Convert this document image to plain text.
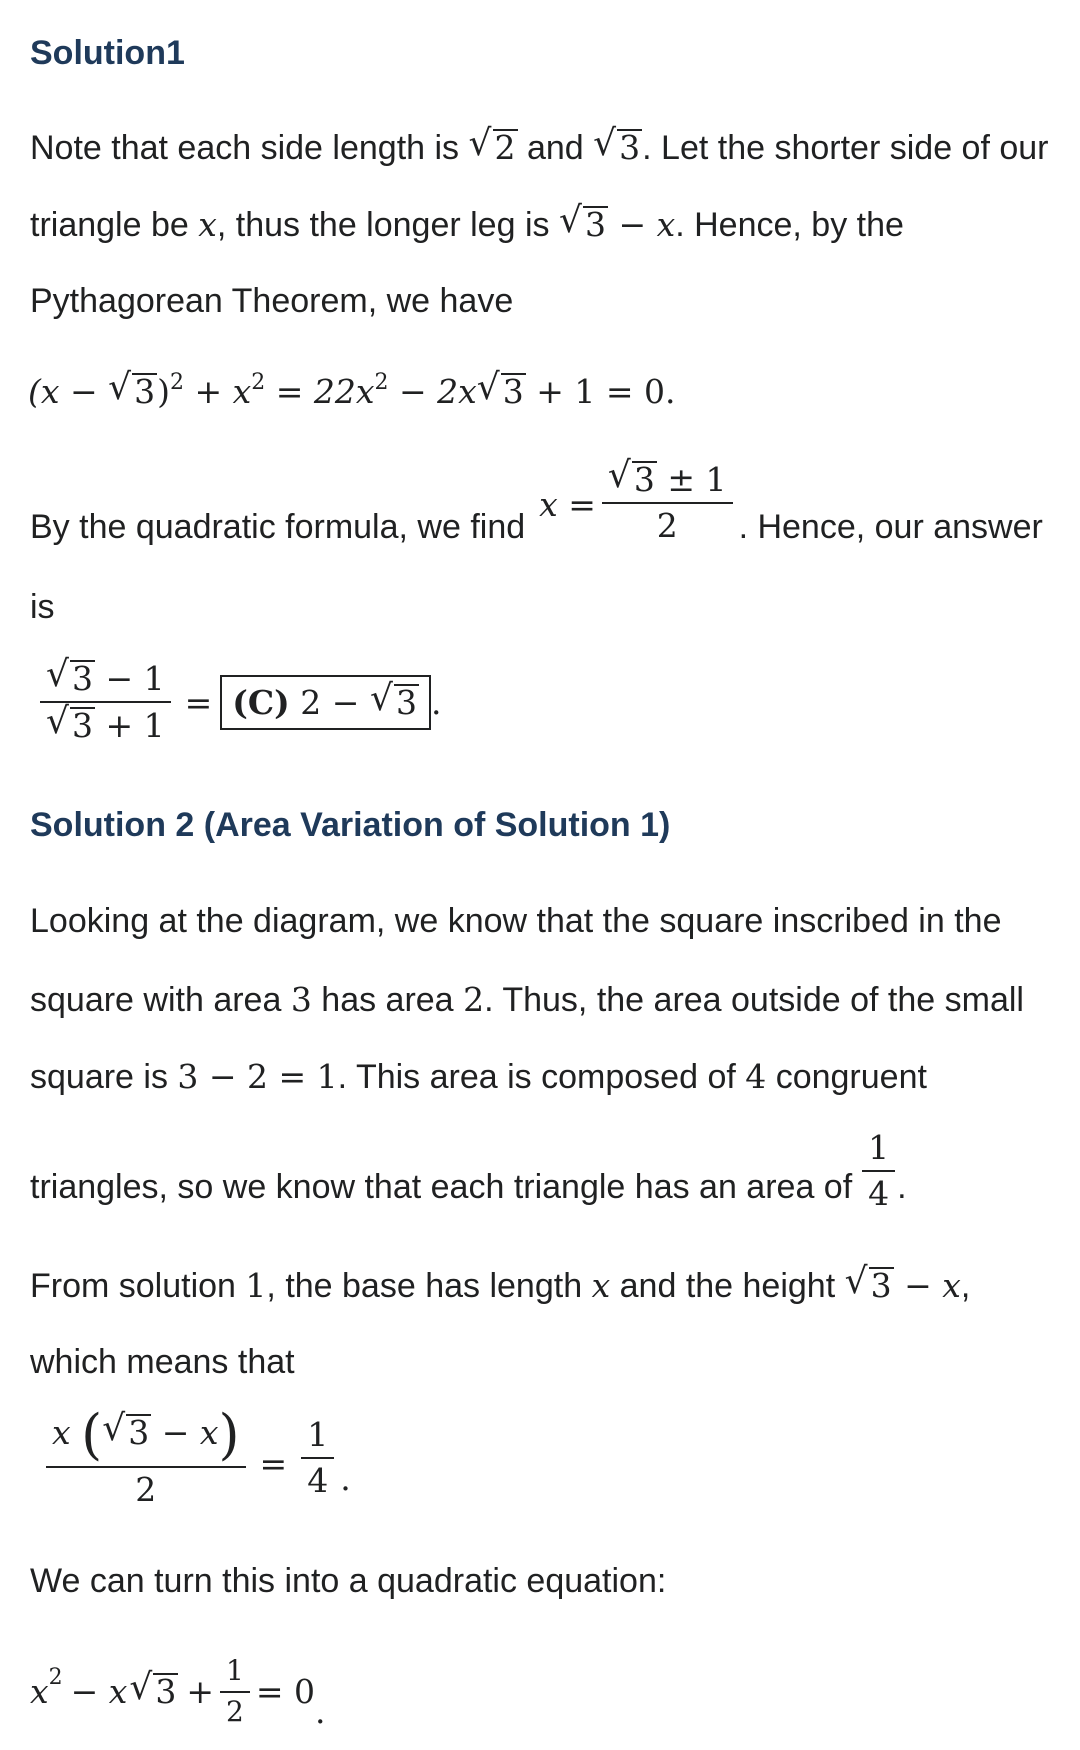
Solution1
Note that each side length is √ 2 and √ 3. Let the shorter side of our
triangle be x, thus the longer leg is √ 3 − x. Hence, by the
Pythagorean Theorem, we have
(x − √ $3)^2 + x^2 = 22x^2 - 2x$ √ 3 + 1 = 0.
By the quadratic formula, we find
$x = \frac{√ 3 \pm 1}{2}$ . Hence, our answer
is
$\frac{√ 3 - 1}{√ 3 + 1} = (C) 2$ − √ 3 .
Solution 2 (Area Variation of Solution 1)
Looking at the diagram, we know that the square inscribed in the
square with area 3 has area 2. Thus, the area outside of the small
square is 3 − 2 = 1. This area is composed of 4 congruent
triangles, so we know that each triangle has an area of $\frac{1}{4}$ .
From solution 1, the base has length x and the height √ 3 − x,
which means that
$\frac{x ( √ 3 - x)}{2} = \frac{1}{4}$ .
We can turn this into a quadratic equation:
x 2 − x √ $3 + \frac{1}{2} = 0$
.
